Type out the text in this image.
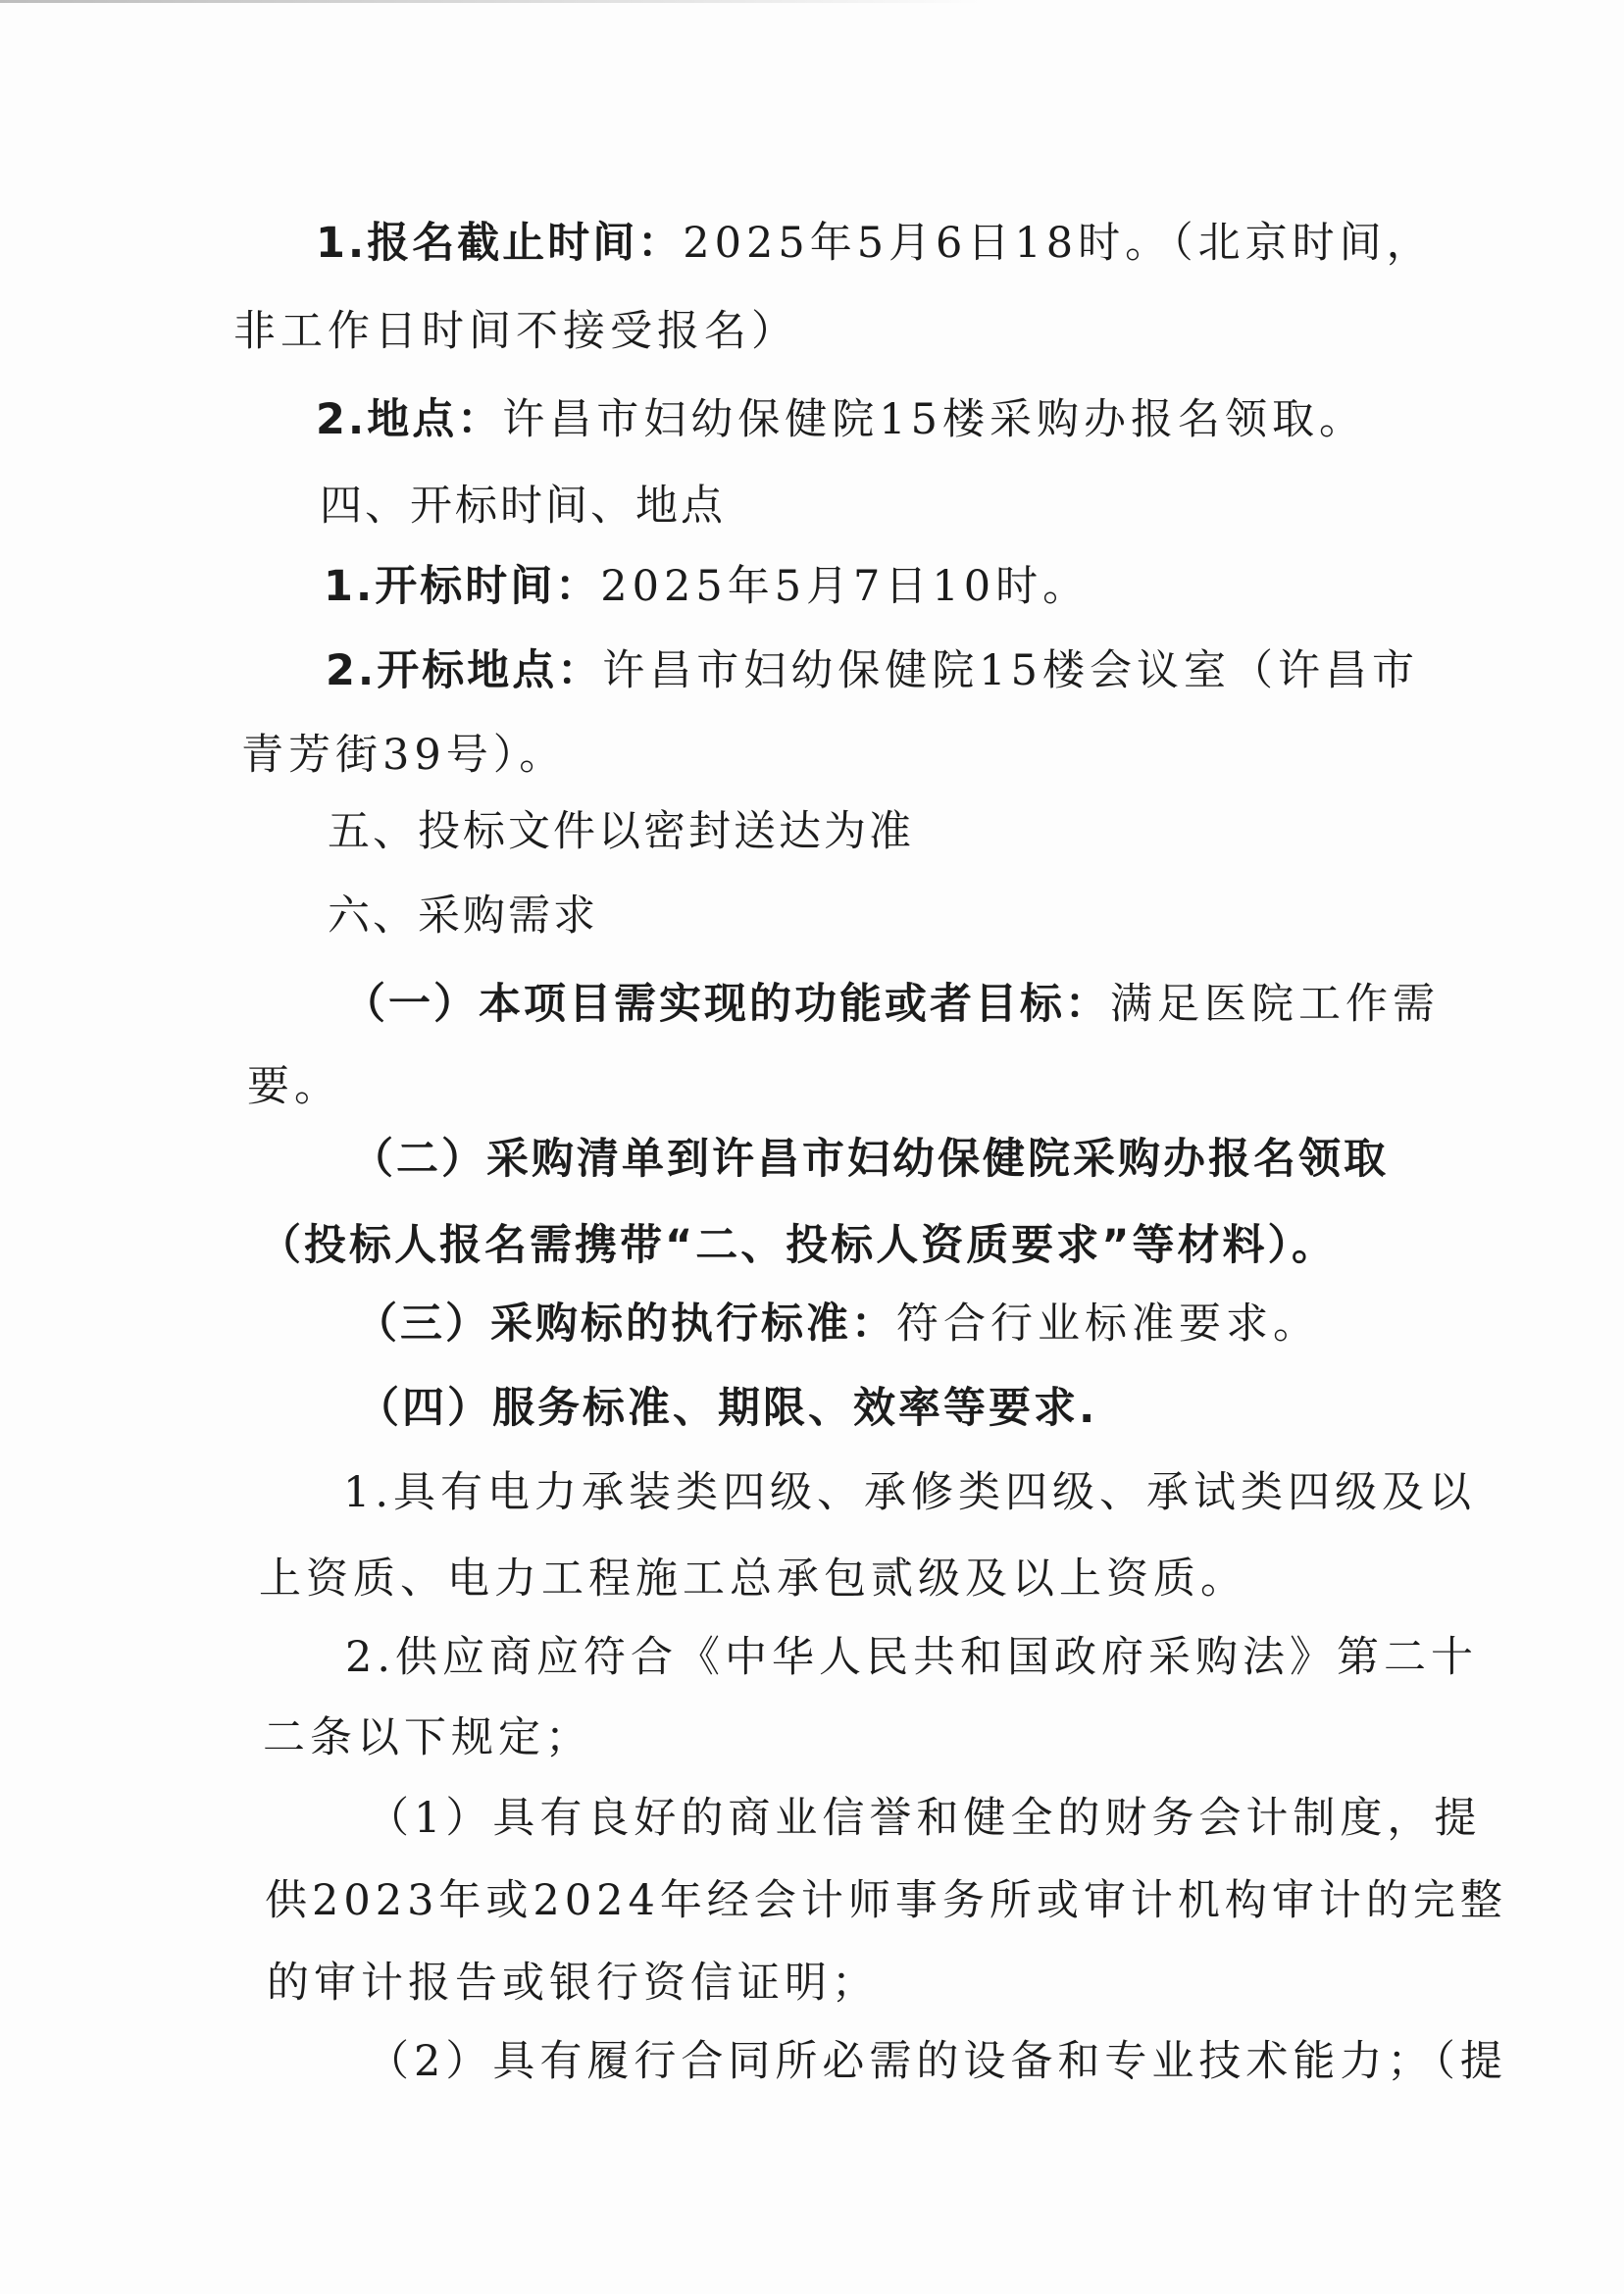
1.报名截止时间：2025年5月6日18时。（北京时间，
非工作日时间不接受报名）
2.地点：许昌市妇幼保健院15楼采购办报名领取。
四、开标时间、地点
1.开标时间：2025年5月7日10时。
2.开标地点：许昌市妇幼保健院15楼会议室（许昌市
青芳街39号）。
五、投标文件以密封送达为准
六、采购需求
（一）本项目需实现的功能或者目标：满足医院工作需
要。
（二）采购清单到许昌市妇幼保健院采购办报名领取
（投标人报名需携带“二、投标人资质要求”等材料）。
（三）采购标的执行标准：符合行业标准要求。
（四）服务标准、期限、效率等要求.
1.具有电力承装类四级、承修类四级、承试类四级及以
上资质、电力工程施工总承包贰级及以上资质。
2.供应商应符合《中华人民共和国政府采购法》第二十
二条以下规定；
（1）具有良好的商业信誉和健全的财务会计制度，提
供2023年或2024年经会计师事务所或审计机构审计的完整
的审计报告或银行资信证明；
（2）具有履行合同所必需的设备和专业技术能力；（提
